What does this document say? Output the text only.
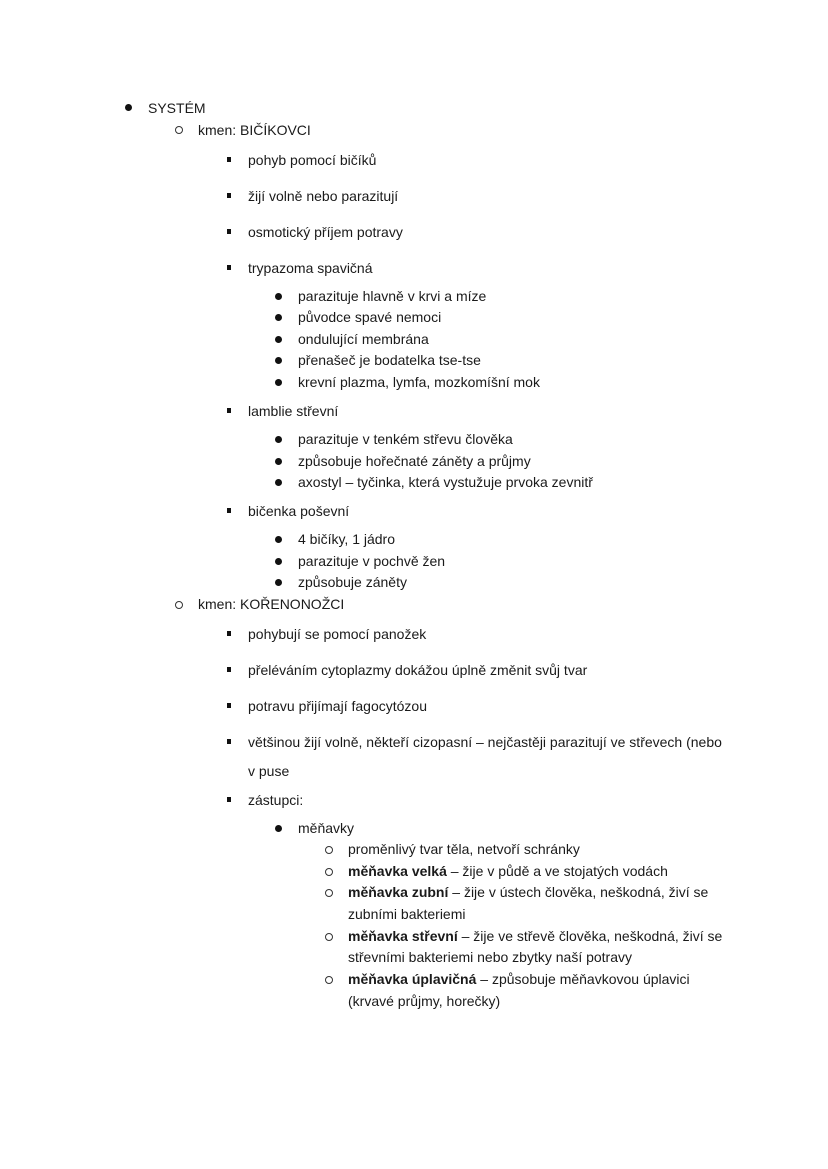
SYSTÉM
kmen: BIČÍKOVCI
pohyb pomocí bičíků
žijí volně nebo parazitují
osmotický příjem potravy
trypazoma spavičná
parazituje hlavně v krvi a míze
původce spavé nemoci
ondulující membrána
přenašeč je bodatelka tse-tse
krevní plazma, lymfa, mozkomíšní mok
lamblie střevní
parazituje v tenkém střevu člověka
způsobuje hořečnaté záněty a průjmy
axostyl – tyčinka, která vystužuje prvoka zevnitř
bičenka poševní
4 bičíky, 1 jádro
parazituje v pochvě žen
způsobuje záněty
kmen: KOŘENONOŽCI
pohybují se pomocí panožek
přeléváním cytoplazmy dokážou úplně změnit svůj tvar
potravu přijímají fagocytózou
většinou žijí volně, někteří cizopasní – nejčastěji parazitují ve střevech (nebo
v puse
zástupci:
měňavky
proměnlivý tvar těla, netvoří schránky
měňavka velká – žije v půdě a ve stojatých vodách
měňavka zubní – žije v ústech člověka, neškodná, živí se
zubními bakteriemi
měňavka střevní – žije ve střevě člověka, neškodná, živí se
střevními bakteriemi nebo zbytky naší potravy
měňavka úplavičná – způsobuje měňavkovou úplavici
(krvavé průjmy, horečky)
